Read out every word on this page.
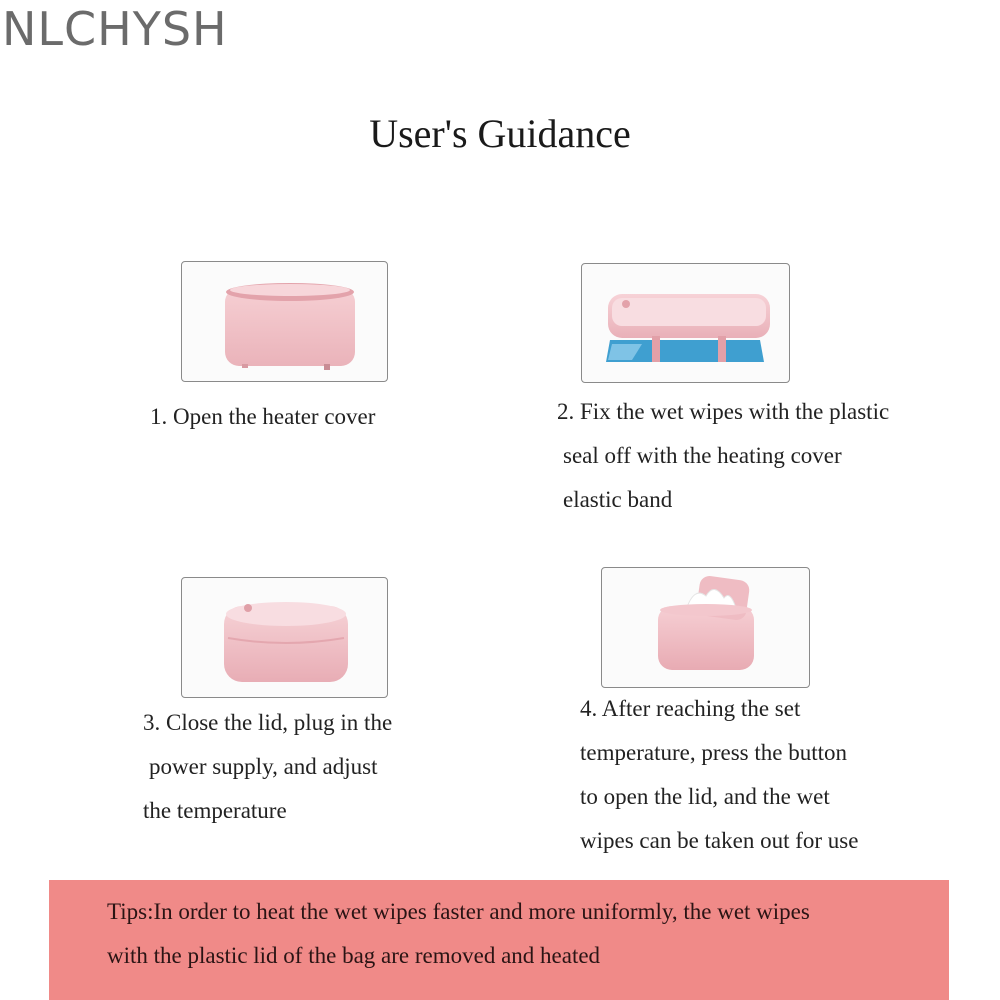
NLCHYSH
User's Guidance
1. Open the heater cover	2. Fix the wet wipes with the plastic
seal off with the heating cover
elastic band
3. Close the lid, plug in the
power supply, and adjust
the temperature
4. After reaching the set
temperature, press the button
to open the lid, and the wet
wipes can be taken out for use
Tips:In order to heat the wet wipes faster and more uniformly, the wet wipes
with the plastic lid of the bag are removed and heated
